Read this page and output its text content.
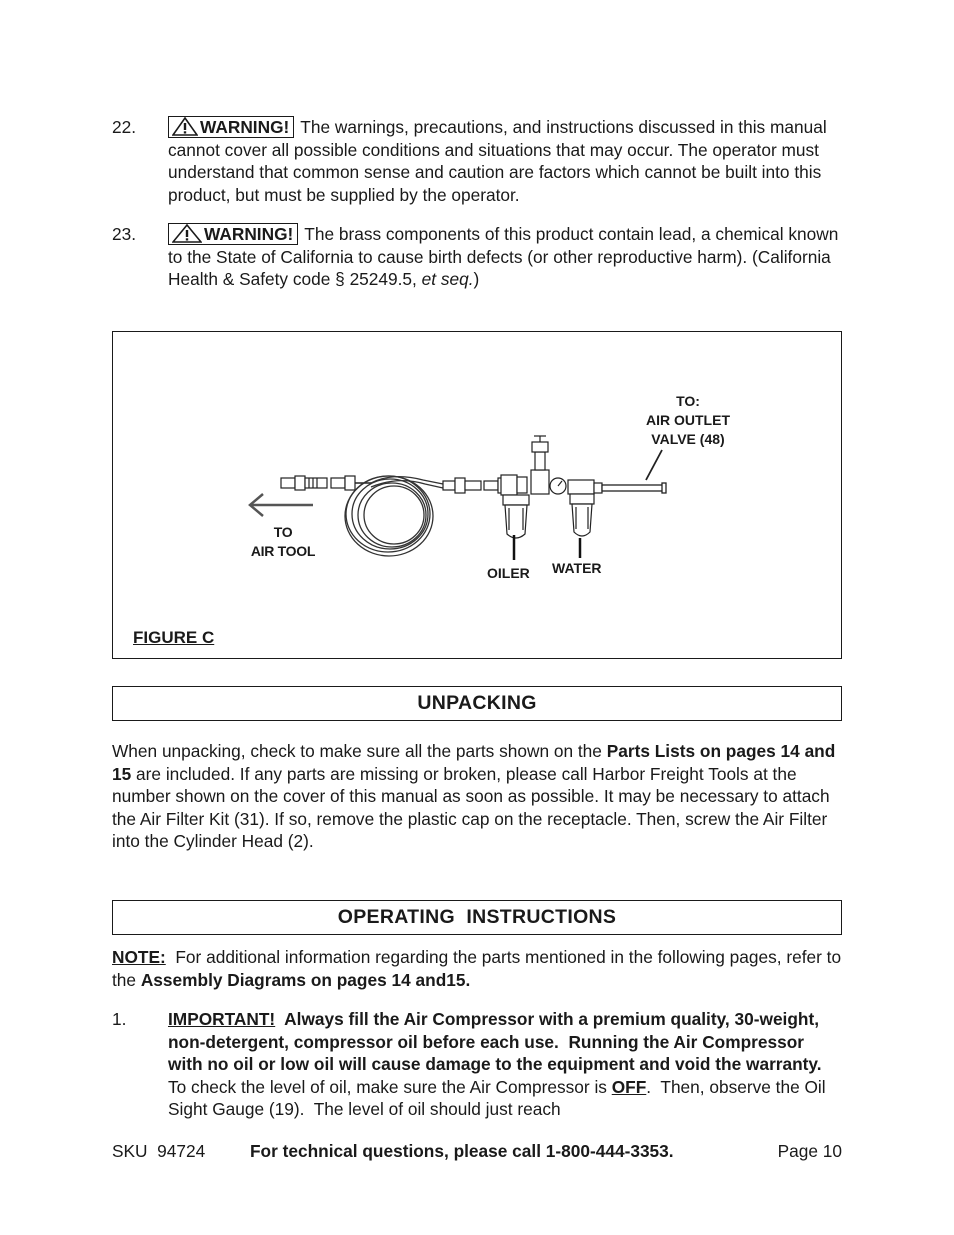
22.	WARNING! The warnings, precautions, and instructions discussed in this manual cannot cover all possible conditions and situations that may occur. The operator must understand that common sense and caution are factors which cannot be built into this product, but must be supplied by the operator.
23.	WARNING! The brass components of this product contain lead, a chemical known to the State of California to cause birth defects (or other reproductive harm). (California Health & Safety code § 25249.5, et seq.)
TO:
AIR OUTLET
VALVE (48)
TO
AIR TOOL
OILER WATER
FIGURE C
UNPACKING
When unpacking, check to make sure all the parts shown on the Parts Lists on pages 14 and 15 are included. If any parts are missing or broken, please call Harbor Freight Tools at the number shown on the cover of this manual as soon as possible. It may be necessary to attach the Air Filter Kit (31). If so, remove the plastic cap on the receptacle. Then, screw the Air Filter into the Cylinder Head (2).
OPERATING  INSTRUCTIONS
NOTE:  For additional information regarding the parts mentioned in the following pages, refer to the Assembly Diagrams on pages 14 and15.
1. IMPORTANT!  Always fill the Air Compressor with a premium quality, 30-weight, non-detergent, compressor oil before each use.  Running the Air Compressor with no oil or low oil will cause damage to the equipment and void the warranty.  To check the level of oil, make sure the Air Compressor is OFF.  Then, observe the Oil Sight Gauge (19).  The level of oil should just reach
SKU  94724	For technical questions, please call 1-800-444-3353.	Page 10
